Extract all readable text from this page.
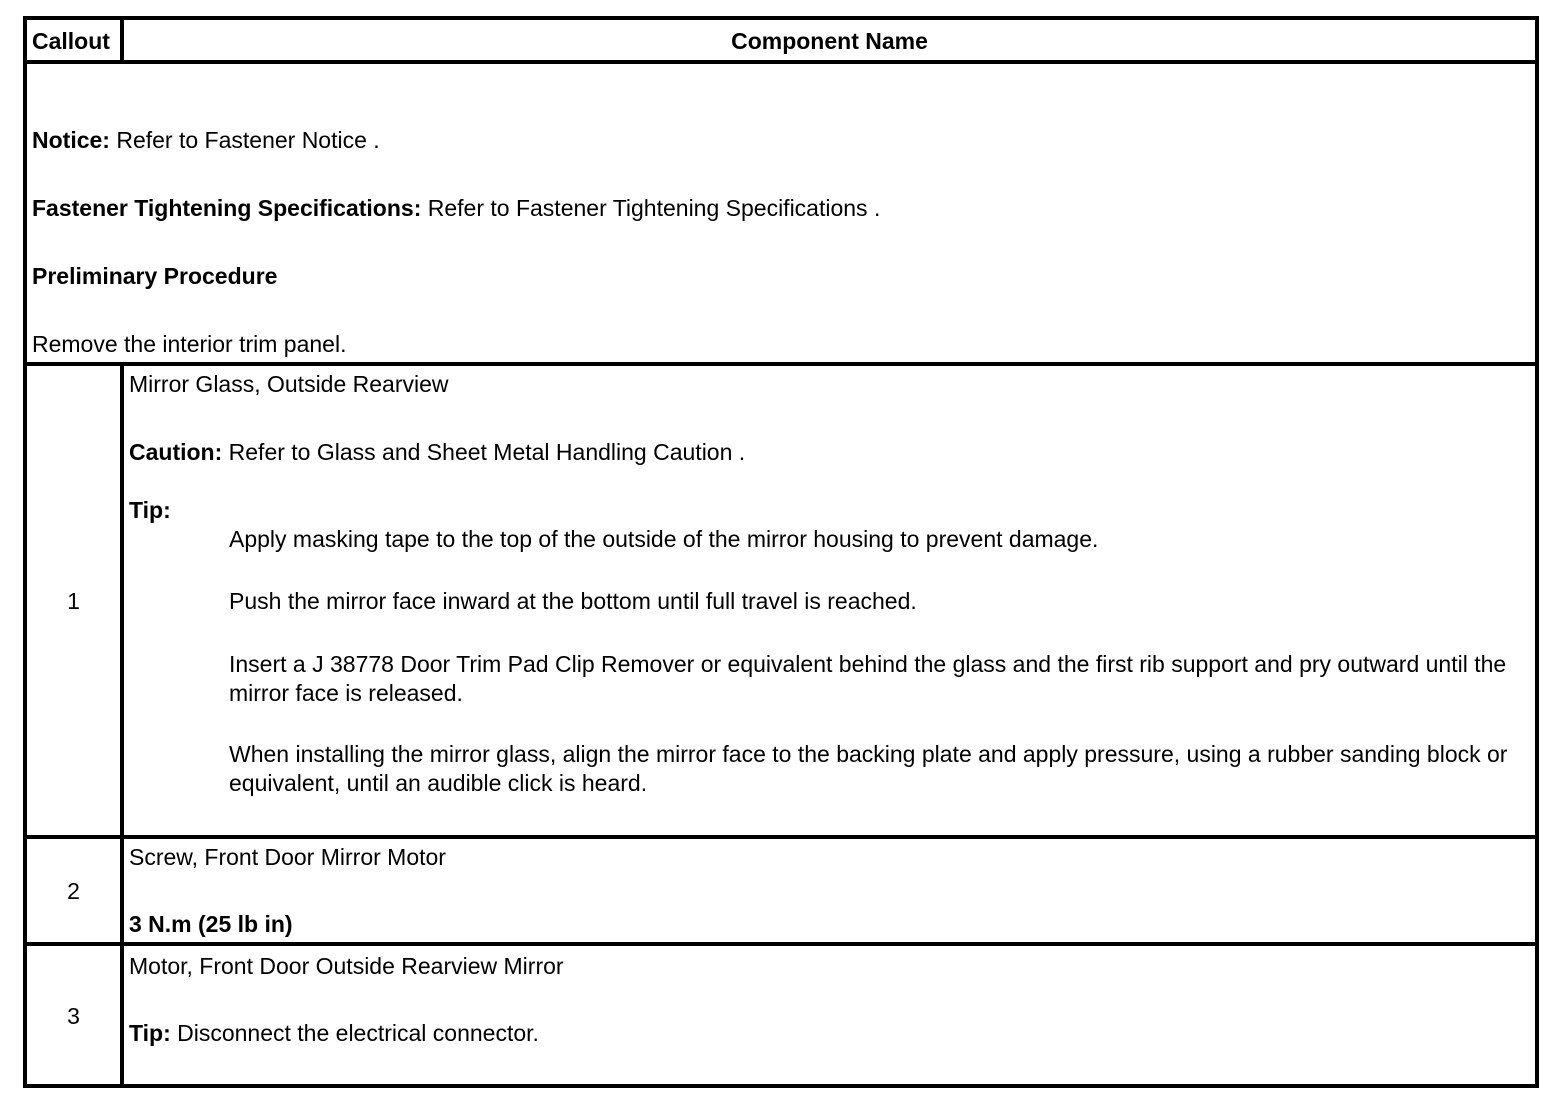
Callout	Component Name
Notice: Refer to Fastener Notice .
Fastener Tightening Specifications: Refer to Fastener Tightening Specifications .
Preliminary Procedure
Remove the interior trim panel.
1
Mirror Glass, Outside Rearview
Caution: Refer to Glass and Sheet Metal Handling Caution .
Tip:
Apply masking tape to the top of the outside of the mirror housing to prevent damage.
Push the mirror face inward at the bottom until full travel is reached.
Insert a J 38778 Door Trim Pad Clip Remover or equivalent behind the glass and the first rib support and pry outward until the mirror face is released.
When installing the mirror glass, align the mirror face to the backing plate and apply pressure, using a rubber sanding block or equivalent, until an audible click is heard.
2
Screw, Front Door Mirror Motor
3 N.m (25 lb in)
3
Motor, Front Door Outside Rearview Mirror
Tip: Disconnect the electrical connector.
